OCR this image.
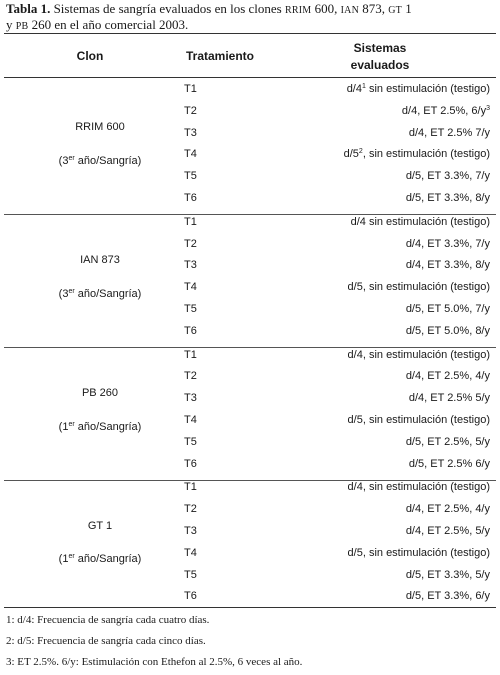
Tabla 1. Sistemas de sangría evaluados en los clones RRIM 600, IAN 873, GT 1
y PB 260 en el año comercial 2003.
Clon	Tratamiento
Sistemas
evaluados
RRIM 600
(3er año/Sangría)
T1	$d/4^1$ sin estimulación (testigo)
T2	d/4, ET 2.5%, $6/y^3$
T3	d/4, ET 2.5% 7/y
T4	$d/5^2$, sin estimulación (testigo)
T5	d/5, ET 3.3%, 7/y
T6	d/5, ET 3.3%, 8/y
IAN 873
(3er año/Sangría)
T1	d/4 sin estimulación (testigo)
T2	d/4, ET 3.3%, 7/y
T3	d/4, ET 3.3%, 8/y
T4	d/5, sin estimulación (testigo)
T5	d/5, ET 5.0%, 7/y
T6	d/5, ET 5.0%, 8/y
PB 260
(1er año/Sangría)
T1	d/4, sin estimulación (testigo)
T2	d/4, ET 2.5%, 4/y
T3	d/4, ET 2.5% 5/y
T4	d/5, sin estimulación (testigo)
T5	d/5, ET 2.5%, 5/y
T6	d/5, ET 2.5% 6/y
GT 1
(1er año/Sangría)
T1	d/4, sin estimulación (testigo)
T2	d/4, ET 2.5%, 4/y
T3	d/4, ET 2.5%, 5/y
T4	d/5, sin estimulación (testigo)
T5	d/5, ET 3.3%, 5/y
T6	d/5, ET 3.3%, 6/y
1: d/4: Frecuencia de sangría cada cuatro días.
2: d/5: Frecuencia de sangría cada cinco días.
3: ET 2.5%. 6/y: Estimulación con Ethefon al 2.5%, 6 veces al año.
